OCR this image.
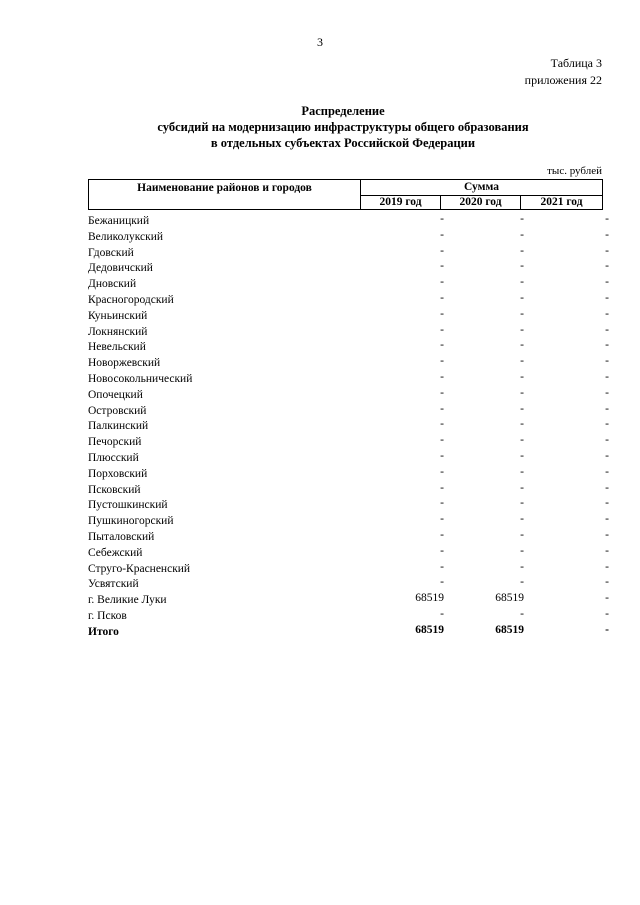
3
Таблица 3
приложения 22
Распределение
субсидий на модернизацию инфраструктуры общего образования
в отдельных субъектах Российской Федерации
тыс. рублей
Наименование районов и городов	Сумма
2019 год	2020 год	2021 год
Бежаницкий	-	-	-
Великолукский	-	-	-
Гдовский	-	-	-
Дедовичский	-	-	-
Дновский	-	-	-
Красногородский	-	-	-
Куньинский	-	-	-
Локнянский	-	-	-
Невельский	-	-	-
Новоржевский	-	-	-
Новосокольнический	-	-	-
Опочецкий	-	-	-
Островский	-	-	-
Палкинский	-	-	-
Печорский	-	-	-
Плюсский	-	-	-
Порховский	-	-	-
Псковский	-	-	-
Пустошкинский	-	-	-
Пушкиногорский	-	-	-
Пыталовский	-	-	-
Себежский	-	-	-
Струго-Красненский	-	-	-
Усвятский	-	-	-
г. Великие Луки	68519	68519	-
г. Псков	-	-	-
Итого	68519	68519	-
